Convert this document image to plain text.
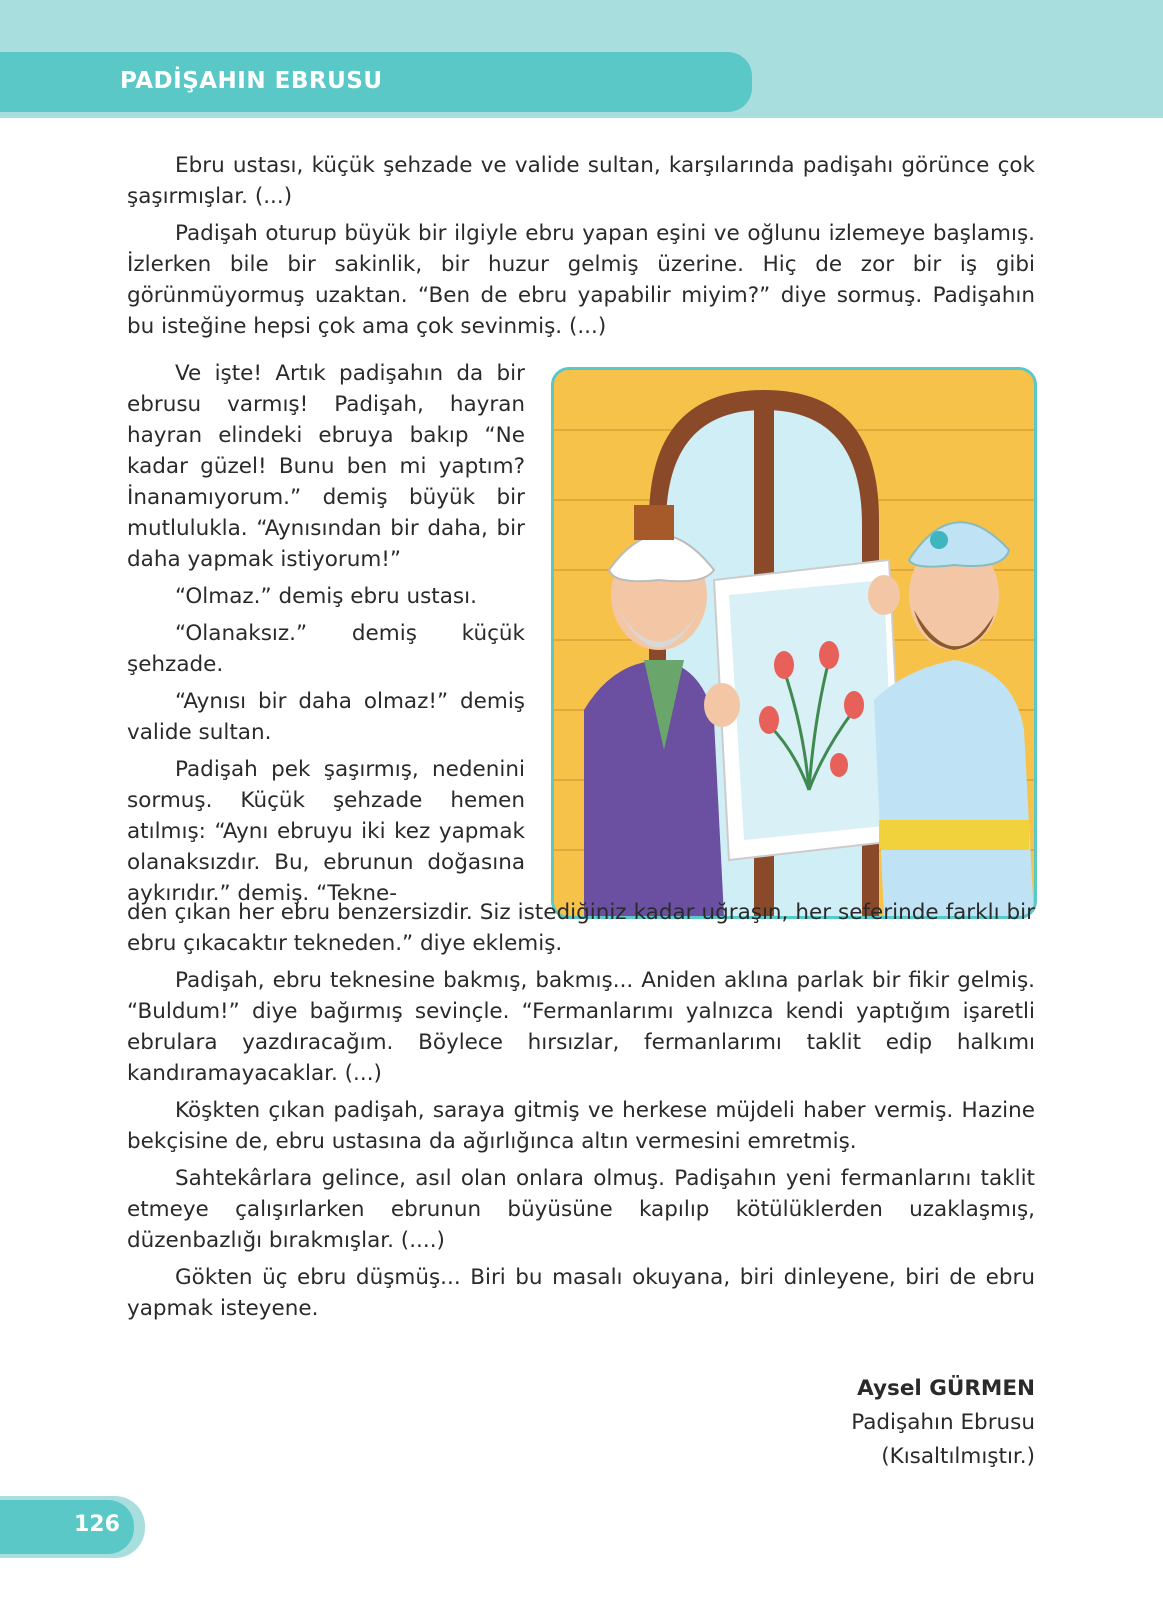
PADİŞAHIN EBRUSU

Ebru ustası, küçük şehzade ve valide sultan, karşılarında padişahı görünce çok şaşırmışlar. (...)

Padişah oturup büyük bir ilgiyle ebru yapan eşini ve oğlunu izlemeye başlamış. İzlerken bile bir sakinlik, bir huzur gelmiş üzerine. Hiç de zor bir iş gibi görünmüyormuş uzaktan. “Ben de ebru yapabilir miyim?” diye sormuş. Padişahın bu isteğine hepsi çok ama çok sevinmiş. (...)

Ve işte! Artık padişahın da bir ebrusu varmış! Padişah, hayran hayran elindeki ebruya bakıp “Ne kadar güzel! Bunu ben mi yaptım? İnanamıyorum.” demiş büyük bir mutlulukla. “Aynısından bir daha, bir daha yapmak istiyorum!”

“Olmaz.” demiş ebru ustası.

“Olanaksız.” demiş küçük şehzade.

“Aynısı bir daha olmaz!” demiş valide sultan.

Padişah pek şaşırmış, nedenini sormuş. Küçük şehzade hemen atılmış: “Aynı ebruyu iki kez yapmak olanaksızdır. Bu, ebrunun doğasına aykırıdır.” demiş. “Tekne-

den çıkan her ebru benzersizdir. Siz istediğiniz kadar uğraşın, her seferinde farklı bir ebru çıkacaktır tekneden.” diye eklemiş.

Padişah, ebru teknesine bakmış, bakmış... Aniden aklına parlak bir fikir gelmiş. “Buldum!” diye bağırmış sevinçle. “Fermanlarımı yalnızca kendi yaptığım işaretli ebrulara yazdıracağım. Böylece hırsızlar, fermanlarımı taklit edip halkımı kandıramayacaklar. (...)

Köşkten çıkan padişah, saraya gitmiş ve herkese müjdeli haber vermiş. Hazine bekçisine de, ebru ustasına da ağırlığınca altın vermesini emretmiş.

Sahtekârlara gelince, asıl olan onlara olmuş. Padişahın yeni fermanlarını taklit etmeye çalışırlarken ebrunun büyüsüne kapılıp kötülüklerden uzaklaşmış, düzenbazlığı bırakmışlar. (....)

Gökten üç ebru düşmüş... Biri bu masalı okuyana, biri dinleyene, biri de ebru yapmak isteyene.

Aysel GÜRMEN
Padişahın Ebrusu
(Kısaltılmıştır.)
126
